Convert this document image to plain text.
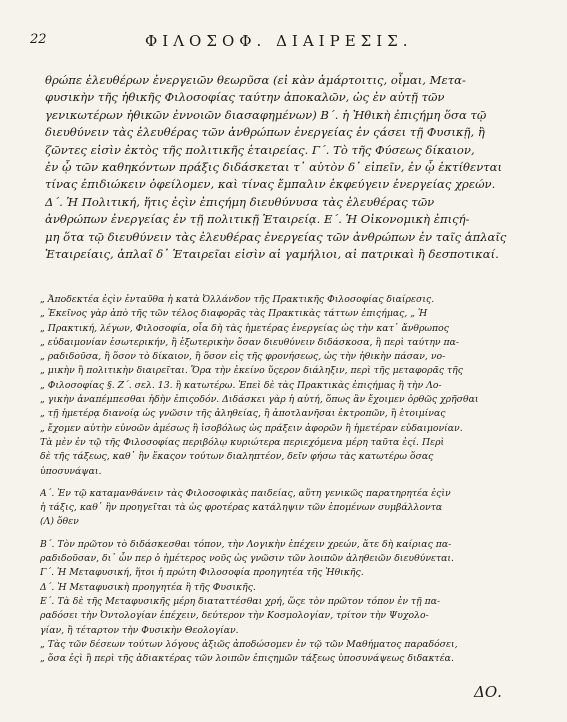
22	ΦΙΛΟΣΟΦ. ΔΙΑΙΡΕΣΙΣ.
θρώπε ἐλευθέρων ἐνεργειῶν θεωρῦσα (εἰ κὰν ἁμάρτοιτις, οἶμαι, Μετα-
φυσικὴν τῆς ἠθικῆς Φιλοσοφίας ταύτην ἀποκαλῶν, ὡς ἐν αὐτῇ τῶν
γενικωτέρων ἠθικῶν ἐννοιῶν διασαφημένων) Β΄. ἡ Ἠθικὴ ἐπιςήμη ὅσα τῷ
διευθύνειν τὰς ἐλευθέρας τῶν ἀνθρώπων ἐνεργείας ἐν ςάσει τῇ Φυσικῇ, ἢ
ζῶντες εἰσὶν ἐκτὸς τῆς πολιτικῆς ἑταιρείας. Γ΄. Τὸ τῆς Φύσεως δίκαιον,
ἐν ᾧ τῶν καθηκόντων πράξις διδάσκεται τ᾽ αὐτὸν δ᾽ εἰπεῖν, ἐν ᾧ ἐκτίθενται
τίνας ἐπιδιώκειν ὀφείλομεν, καὶ τίνας ἔμπαλιν ἐκφεύγειν ἐνεργείας χρεών.
Δ΄. Ἡ Πολιτική, ἥτις ἐςὶν ἐπιςήμη διευθύνυσα τὰς ἐλευθέρας τῶν
ἀνθρώπων ἐνεργείας ἐν τῇ πολιτικῇ Ἑταιρείᾳ. Ε΄. Ἡ Οἰκονομικὴ ἐπιςή-
μη ὅτα τῷ διευθύνειν τὰς ἐλευθέρας ἐνεργείας τῶν ἀνθρώπων ἐν ταῖς ἁπλαῖς
Ἑταιρείαις, ἁπλαῖ δ᾽ Ἑταιρεῖαι εἰσὶν αἱ γαμήλιοι, αἱ πατρικαὶ ἢ δεσποτικαί.
„ Ἀποδεκτέα ἐςὶν ἐνταῦθα ἡ κατὰ Ὀλλάνδον τῆς Πρακτικῆς Φιλοσοφίας διαίρεσις.
„ Ἐκεῖνος γὰρ ἀπὸ τῆς τῶν τέλος διαφορᾶς τὰς Πρακτικὰς τάττων ἐπιςήμας, „ Ἡ
„ Πρακτική, λέγων, Φιλοσοφία, οἷα δὴ τὰς ἡμετέρας ἐνεργείας ὡς τὴν κατ᾽ ἄνθρωπος
„ εὐδαιμονίαν ἐσωτερικήν, ἢ ἐξωτερικὴν ὅσαν διευθύνειν διδάσκοσα, ἢ περὶ ταύτην πα-
„ ραδιδοῦσα, ἢ ὅσον τὸ δίκαιον, ἢ ὅσον εἰς τῆς φρονήσεως, ὡς τὴν ἠθικὴν πάσαν, νο-
„ μικὴν ἢ πολιτικὴν διαιρεῖται. Ὅρα τὴν ἐκείνο ὕςερον διάληξιν, περὶ τῆς μεταφορᾶς τῆς
„ Φιλοσοφίας §. Ζ΄. σελ. 13. ἢ κατωτέρω. Ἐπεὶ δὲ τὰς Πρακτικὰς ἐπιςήμας ἢ τὴν Λο-
„ γικὴν ἀναπέμπεσθαι ἠδὴν ἐπιςοδόν. Διδάσκει γὰρ ἡ αὐτή, ὅπως ἂν ἔχοιμεν ὀρθῶς χρῆσθαι
„ τῇ ἡμετέρᾳ διανοίᾳ ὡς γνῶσιν τῆς ἀληθείας, ἢ ἀποτλανῆσαι ἐκτροπῶν, ἢ ἑτοιμίνας
„ ἔχομεν αὐτὴν εὐνοῶν ἀμέσως ἢ ἰσοβόλως ὡς πράξειν ἀφορῶν ἢ ἡμετέραν εὐδαιμονίαν.
Τὰ μὲν ἐν τῷ τῆς Φιλοσοφίας περιβόλῳ κυριώτερα περιεχόμενα μέρη ταῦτα ἐςί. Περὶ
δὲ τῆς τάξεως, καθ᾽ ἣν ἕκαςον τούτων διαληπτέον, δεῖν φήσω τὰς κατωτέρω ὅσας
ὑποσυνάψαι.
Α΄. Ἐν τῷ καταμανθάνειν τὰς Φιλοσοφικὰς παιδείας, αὕτη γενικῶς παρατηρητέα ἐςὶν
ἡ τάξις, καθ᾽ ἣν προηγεῖται τὰ ὡς φροτέρας κατάληψιν τῶν ἑπομένων συμβάλλοντα
(Λ) ὅθεν
Β΄. Τὸν πρῶτον τὸ διδάσκεσθαι τόπον, τὴν Λογικὴν ἐπέχειν χρεών, ἅτε δὴ καίριας πα-
ραδιδοῦσαν, δι᾽ ὧν περ ὁ ἡμέτερος νοῦς ὡς γνῶσιν τῶν λοιπῶν ἀληθειῶν διευθύνεται.
Γ΄. Ἡ Μεταφυσική, ἥτοι ἡ πρώτη Φιλοσοφία προηγητέα τῆς Ἠθικῆς.
Δ΄. Ἡ Μεταφυσικὴ προηγητέα ἢ τῆς Φυσικῆς.
Ε΄. Τὰ δὲ τῆς Μεταφυσικῆς μέρη διαταττέσθαι χρή, ὥςε τὸν πρῶτον τόπον ἐν τῇ πα-
ραδόσει τὴν Ὀντολογίαν ἐπέχειν, δεύτερον τὴν Κοσμολογίαν, τρίτον τὴν Ψυχολο-
γίαν, ἢ τέταρτον τὴν Φυσικὴν Θεολογίαν.
„ Τὰς τῶν δέσεων τούτων λόγους ἀξιῶς ἀποδώσομεν ἐν τῷ τῶν Μαθήματος παραδόσει,
„ ὅσα ἐςὶ ἢ περὶ τῆς ἀδιακτέρας τῶν λοιπῶν ἐπιςημῶν τάξεως ὑποσυνάψεως διδακτέα.
ΔΟ.
